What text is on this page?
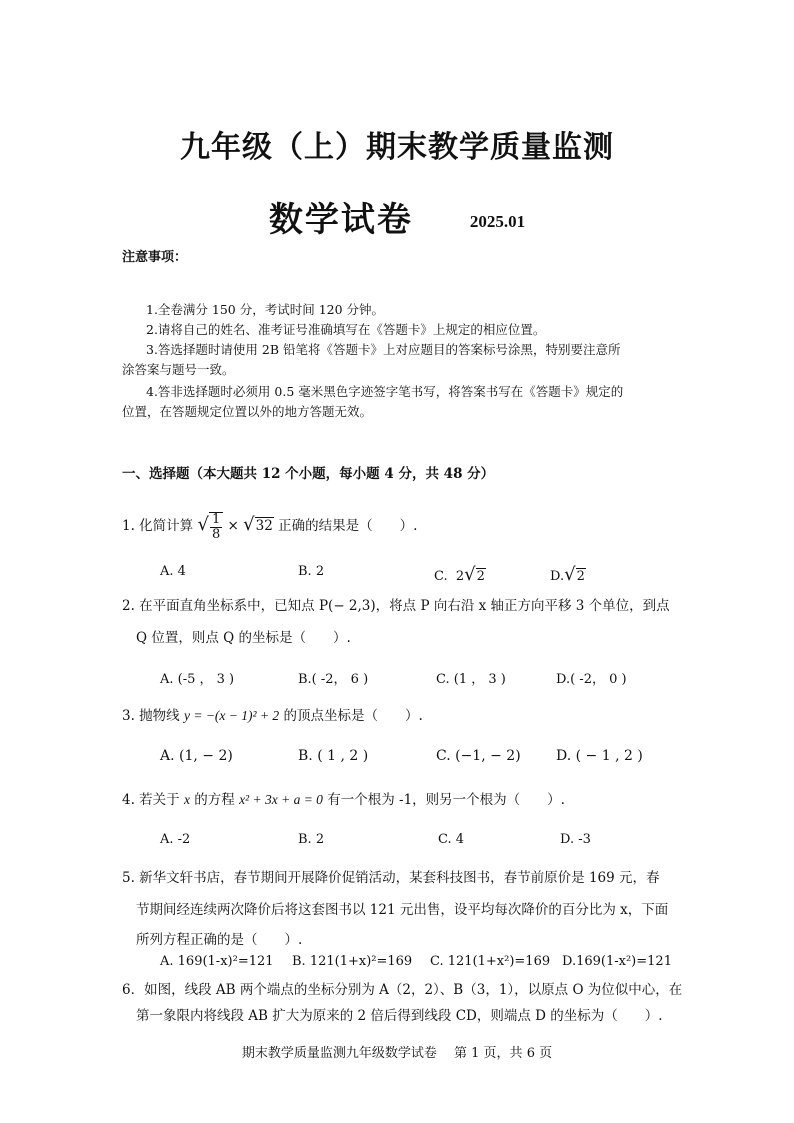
九年级（上）期末教学质量监测
数学试卷	2025.01
注意事项：
1.全卷满分 150 分，考试时间 120 分钟。
2.请将自己的姓名、准考证号准确填写在《答题卡》上规定的相应位置。
3.答选择题时请使用 2B 铅笔将《答题卡》上对应题目的答案标号涂黑，特别要注意所
涂答案与题号一致。
4.答非选择题时必须用 0.5 毫米黑色字迹签字笔书写，将答案书写在《答题卡》规定的
位置，在答题规定位置以外的地方答题无效。
一、选择题（本大题共 12 个小题，每小题 4 分，共 48 分）
1. 化简计算 √ $\frac{1}{8} \times √32$ 正确的结果是（　　）.
A. 4	B. 2	C. 2√2	D.√2
2. 在平面直角坐标系中，已知点 P(− 2,3)，将点 P 向右沿 x 轴正方向平移 3 个单位，到点
Q 位置，则点 Q 的坐标是（　　）.
A. (-5 ， 3 )	B.( -2， 6 )	C. (1 ， 3 )	D.( -2， 0 )
3. 抛物线 y = −(x − 1)² + 2 的顶点坐标是（　　）.
A. (1, − 2)	B. ( 1 , 2 )	C. (−1, − 2)	D. ( − 1 , 2 )
4. 若关于 x 的方程 x² + 3x + a = 0 有一个根为 -1，则另一个根为（　　）.
A. -2	B. 2	C. 4	D. -3
5. 新华文轩书店，春节期间开展降价促销活动，某套科技图书，春节前原价是 169 元，春
节期间经连续两次降价后将这套图书以 121 元出售，设平均每次降价的百分比为 x，下面
所列方程正确的是（　　）.
A. 169(1-x)²=121 B. 121(1+x)²=169 C. 121(1+x²)=169 D.169(1-x²)=121
6．如图，线段 AB 两个端点的坐标分别为 A（2，2）、B（3，1），以原点 O 为位似中心，在
第一象限内将线段 AB 扩大为原来的 2 倍后得到线段 CD，则端点 D 的坐标为（　　）.
期末教学质量监测九年级数学试卷　 第 1 页，共 6 页
